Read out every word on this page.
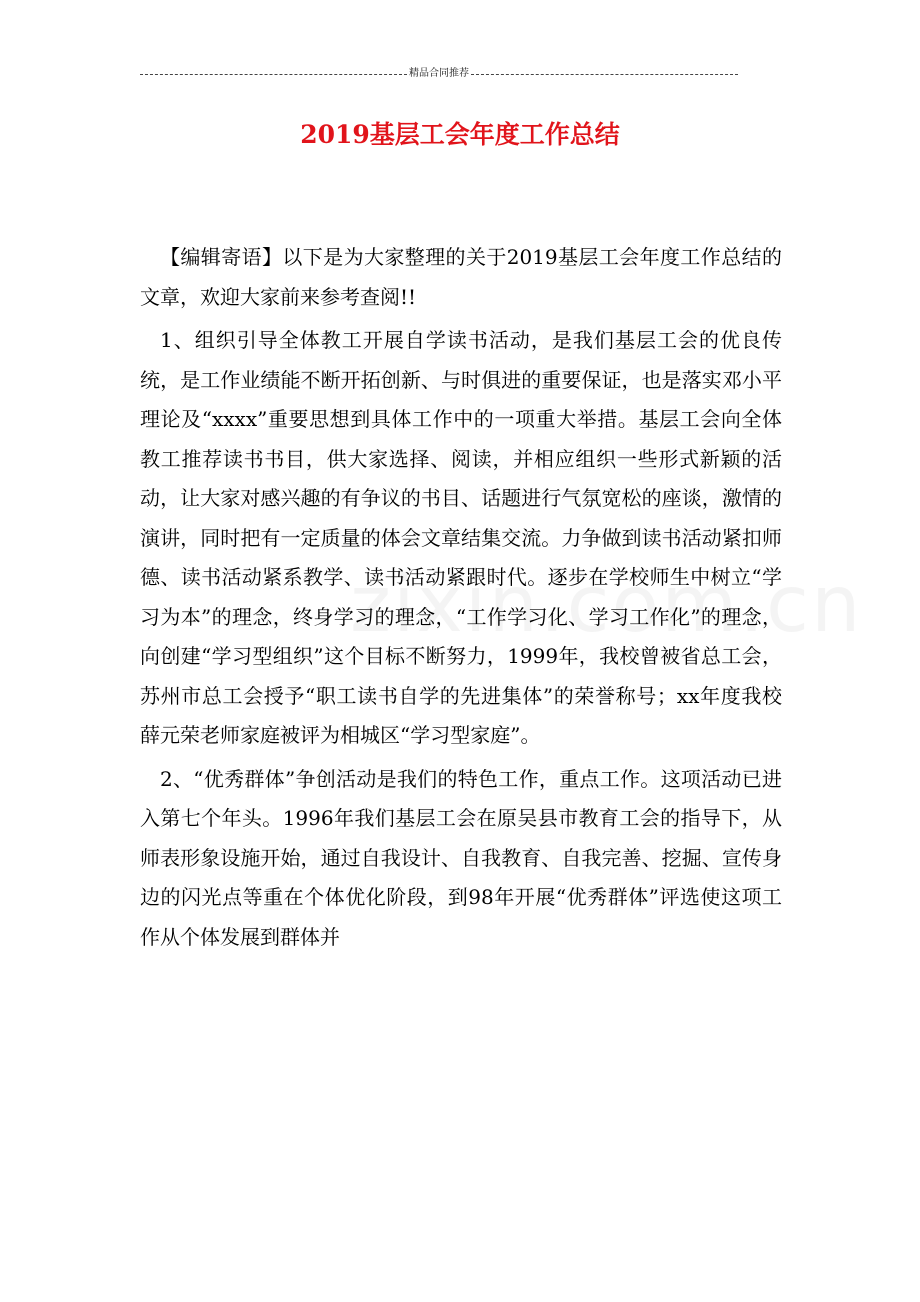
精品合同推荐
2019基层工会年度工作总结

【编辑寄语】以下是为大家整理的关于2019基层工会年度工作总结的文章，欢迎大家前来参考查阅!!

1、组织引导全体教工开展自学读书活动，是我们基层工会的优良传统，是工作业绩能不断开拓创新、与时俱进的重要保证，也是落实邓小平理论及“xxxx”重要思想到具体工作中的一项重大举措。基层工会向全体教工推荐读书书目，供大家选择、阅读，并相应组织一些形式新颖的活动，让大家对感兴趣的有争议的书目、话题进行气氛宽松的座谈，激情的演讲，同时把有一定质量的体会文章结集交流。力争做到读书活动紧扣师德、读书活动紧系教学、读书活动紧跟时代。逐步在学校师生中树立“学习为本”的理念，终身学习的理念，“工作学习化、学习工作化”的理念，向创建“学习型组织”这个目标不断努力，1999年，我校曾被省总工会，苏州市总工会授予“职工读书自学的先进集体”的荣誉称号；xx年度我校薛元荣老师家庭被评为相城区“学习型家庭”。

2、“优秀群体”争创活动是我们的特色工作，重点工作。这项活动已进入第七个年头。1996年我们基层工会在原吴县市教育工会的指导下，从师表形象设施开始，通过自我设计、自我教育、自我完善、挖掘、宣传身边的闪光点等重在个体优化阶段，到98年开展“优秀群体”评选使这项工作从个体发展到群体并
